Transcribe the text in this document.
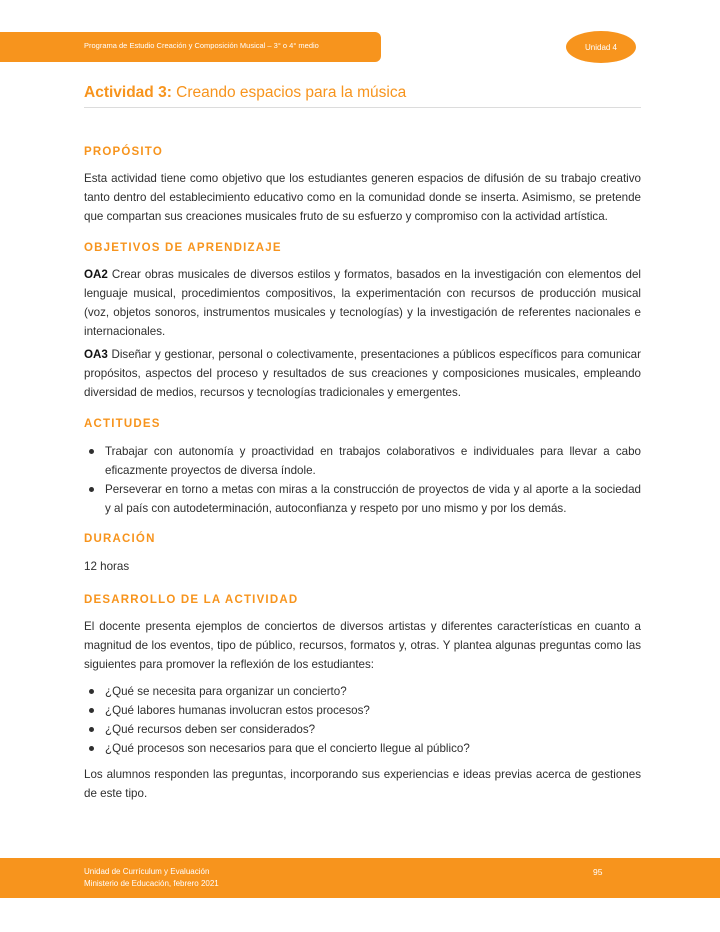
Programa de Estudio Creación y Composición Musical – 3° o 4° medio	Unidad 4
Actividad 3: Creando espacios para la música
PROPÓSITO

Esta actividad tiene como objetivo que los estudiantes generen espacios de difusión de su trabajo creativo tanto dentro del establecimiento educativo como en la comunidad donde se inserta. Asimismo, se pretende que compartan sus creaciones musicales fruto de su esfuerzo y compromiso con la actividad artística.

OBJETIVOS DE APRENDIZAJE

OA2 Crear obras musicales de diversos estilos y formatos, basados en la investigación con elementos del lenguaje musical, procedimientos compositivos, la experimentación con recursos de producción musical (voz, objetos sonoros, instrumentos musicales y tecnologías) y la investigación de referentes nacionales e internacionales.

OA3 Diseñar y gestionar, personal o colectivamente, presentaciones a públicos específicos para comunicar propósitos, aspectos del proceso y resultados de sus creaciones y composiciones musicales, empleando diversidad de medios, recursos y tecnologías tradicionales y emergentes.

ACTITUDES
Trabajar con autonomía y proactividad en trabajos colaborativos e individuales para llevar a cabo eficazmente proyectos de diversa índole.
Perseverar en torno a metas con miras a la construcción de proyectos de vida y al aporte a la sociedad y al país con autodeterminación, autoconfianza y respeto por uno mismo y por los demás.
DURACIÓN

12 horas

DESARROLLO DE LA ACTIVIDAD

El docente presenta ejemplos de conciertos de diversos artistas y diferentes características en cuanto a magnitud de los eventos, tipo de público, recursos, formatos y, otras. Y plantea algunas preguntas como las siguientes para promover la reflexión de los estudiantes:

¿Qué se necesita para organizar un concierto?
¿Qué labores humanas involucran estos procesos?
¿Qué recursos deben ser considerados?
¿Qué procesos son necesarios para que el concierto llegue al público?

Los alumnos responden las preguntas, incorporando sus experiencias e ideas previas acerca de gestiones de este tipo.

Unidad de Currículum y Evaluación
Ministerio de Educación, febrero 2021
95
